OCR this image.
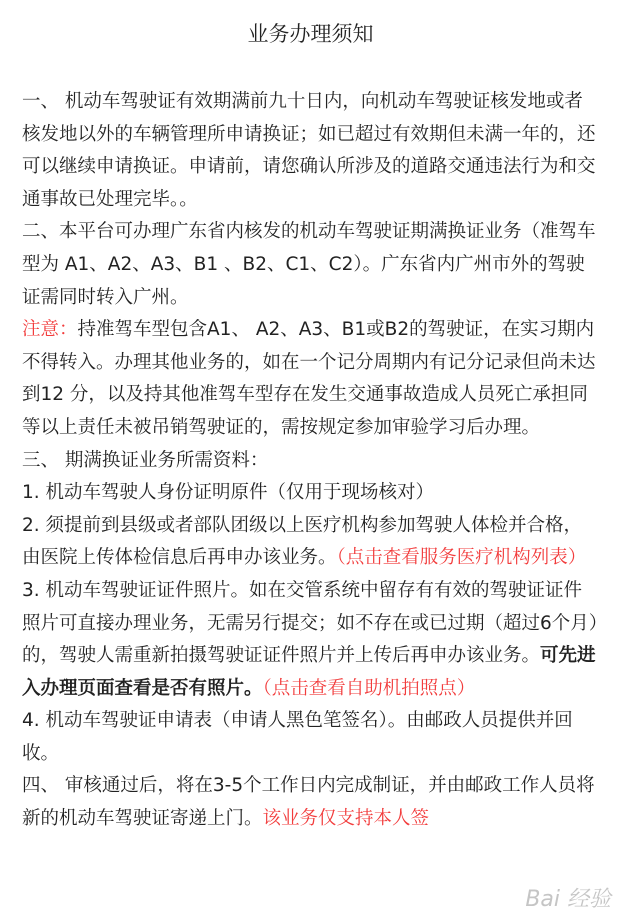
业务办理须知

一、 机动车驾驶证有效期满前九十日内，向机动车驾驶证核发地或者核发地以外的车辆管理所申请换证；如已超过有效期但未满一年的，还可以继续申请换证。申请前，请您确认所涉及的道路交通违法行为和交通事故已处理完毕。。

二、本平台可办理广东省内核发的机动车驾驶证期满换证业务（准驾车型为 A1、A2、A3、B1 、B2、C1、C2）。广东省内广州市外的驾驶证需同时转入广州。

注意：持准驾车型包含A1、 A2、A3、B1或B2的驾驶证，在实习期内不得转入。办理其他业务的，如在一个记分周期内有记分记录但尚未达到12 分，以及持其他准驾车型存在发生交通事故造成人员死亡承担同等以上责任未被吊销驾驶证的，需按规定参加审验学习后办理。

三、 期满换证业务所需资料：

1. 机动车驾驶人身份证明原件（仅用于现场核对）

2. 须提前到县级或者部队团级以上医疗机构参加驾驶人体检并合格，由医院上传体检信息后再申办该业务。（点击查看服务医疗机构列表）

3. 机动车驾驶证证件照片。如在交管系统中留存有有效的驾驶证证件照片可直接办理业务，无需另行提交；如不存在或已过期（超过6个月）的，驾驶人需重新拍摄驾驶证证件照片并上传后再申办该业务。可先进入办理页面查看是否有照片。（点击查看自助机拍照点）

4. 机动车驾驶证申请表（申请人黑色笔签名）。由邮政人员提供并回收。

四、 审核通过后，将在3-5个工作日内完成制证，并由邮政工作人员将新的机动车驾驶证寄递上门。该业务仅支持本人签

Bai 经验
